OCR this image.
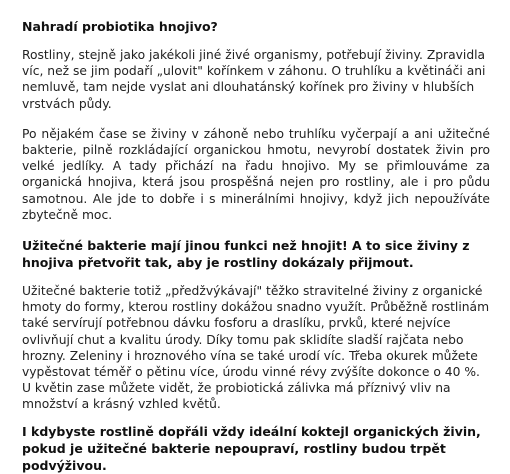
Nahradí probiotika hnojivo?

Rostliny, stejně jako jakékoli jiné živé organismy, potřebují živiny. Zpravidla víc, než se jim podaří „ulovit" kořínkem v záhonu. O truhlíku a květináči ani nemluvě, tam nejde vyslat ani dlouhatánský kořínek pro živiny v hlubších vrstvách půdy.

Po nějakém čase se živiny v záhoně nebo truhlíku vyčerpají a ani užitečné bakterie, pilně rozkládající organickou hmotu, nevyrobí dostatek živin pro velké jedlíky. A tady přichází na řadu hnojivo. My se přimlouváme za organická hnojiva, která jsou prospěšná nejen pro rostliny, ale i pro půdu samotnou. Ale jde to dobře i s minerálními hnojivy, když jich nepoužíváte zbytečně moc.

Užitečné bakterie mají jinou funkci než hnojit! A to sice živiny z hnojiva přetvořit tak, aby je rostliny dokázaly přijmout.

Užitečné bakterie totiž „předžvýkávají" těžko stravitelné živiny z organické hmoty do formy, kterou rostliny dokážou snadno využít. Průběžně rostlinám také servírují potřebnou dávku fosforu a draslíku, prvků, které nejvíce ovlivňují chut a kvalitu úrody. Díky tomu pak sklidíte sladší rajčata nebo hrozny. Zeleniny i hroznového vína se také urodí víc. Třeba okurek můžete vypěstovat téměř o pětinu více, úrodu vinné révy zvýšíte dokonce o 40 %. U květin zase můžete vidět, že probiotická zálivka má příznivý vliv na množství a krásný vzhled květů.

I kdybyste rostlině dopřáli vždy ideální koktejl organických živin, pokud je užitečné bakterie nepoupraví, rostliny budou trpět podvýživou.
